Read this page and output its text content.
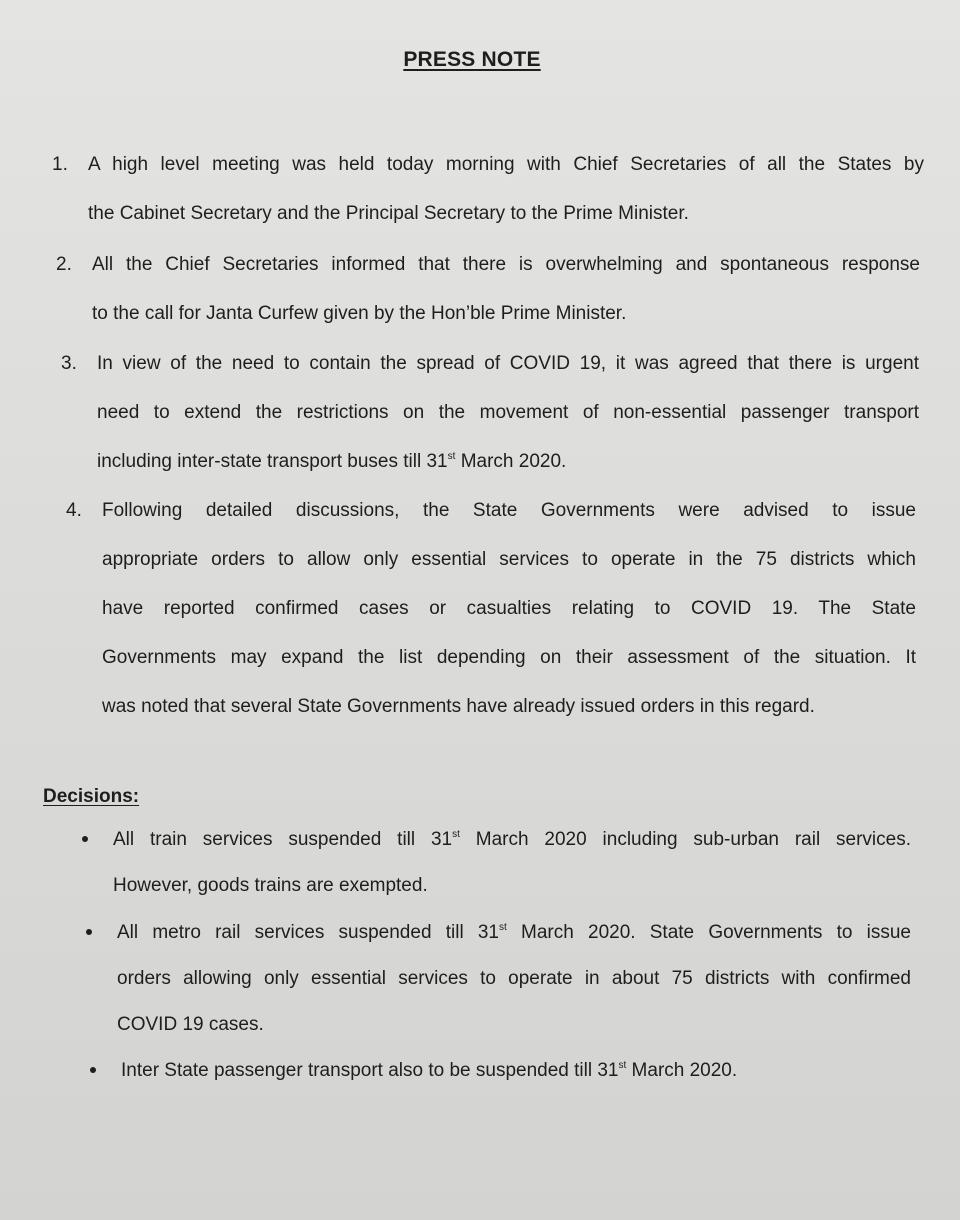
PRESS NOTE
1. A high level meeting was held today morning with Chief Secretaries of all the States by
the Cabinet Secretary and the Principal Secretary to the Prime Minister.
2. All the Chief Secretaries informed that there is overwhelming and spontaneous response
to the call for Janta Curfew given by the Hon’ble Prime Minister.
3. In view of the need to contain the spread of COVID 19, it was agreed that there is urgent
need to extend the restrictions on the movement of non-essential passenger transport
including inter-state transport buses till 31st March 2020.
4. Following detailed discussions, the State Governments were advised to issue
appropriate orders to allow only essential services to operate in the 75 districts which
have reported confirmed cases or casualties relating to COVID 19. The State
Governments may expand the list depending on their assessment of the situation. It
was noted that several State Governments have already issued orders in this regard.
Decisions:
All train services suspended till 31st March 2020 including sub-urban rail services.
However, goods trains are exempted.
All metro rail services suspended till 31st March 2020. State Governments to issue
orders allowing only essential services to operate in about 75 districts with confirmed
COVID 19 cases.
Inter State passenger transport also to be suspended till 31st March 2020.
